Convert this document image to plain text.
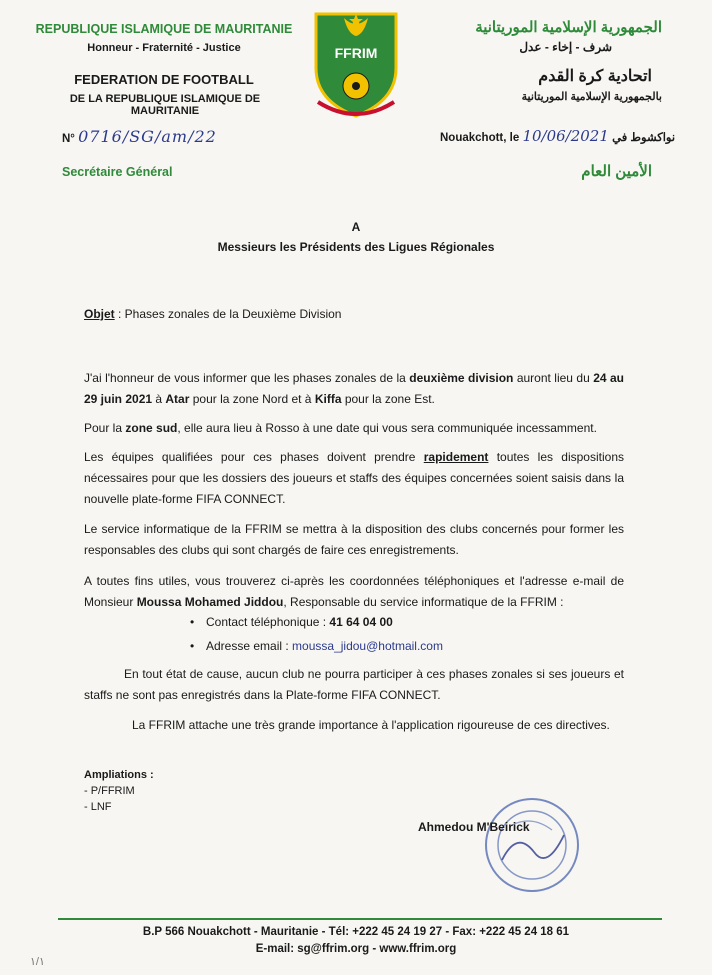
REPUBLIQUE ISLAMIQUE DE MAURITANIE
Honneur - Fraternité - Justice
FEDERATION DE FOOTBALL
DE LA REPUBLIQUE ISLAMIQUE DE MAURITANIE
N° 0716/SG/am/22
Secrétaire Général
FFRIM
الجمهورية الإسلامية الموريتانية
شرف - إخاء - عدل
اتحادية كرة القدم
بالجمهورية الإسلامية الموريتانية
Nouakchott, le 10/06/2021 نواكشوط في
الأمين العام
A
Messieurs les Présidents des Ligues Régionales
Objet : Phases zonales de la Deuxième Division
J'ai l'honneur de vous informer que les phases zonales de la deuxième division auront lieu du 24 au 29 juin 2021 à Atar pour la zone Nord et à Kiffa pour la zone Est.
Pour la zone sud, elle aura lieu à Rosso à une date qui vous sera communiquée incessamment.
Les équipes qualifiées pour ces phases doivent prendre rapidement toutes les dispositions nécessaires pour que les dossiers des joueurs et staffs des équipes concernées soient saisis dans la nouvelle plate-forme FIFA CONNECT.
Le service informatique de la FFRIM se mettra à la disposition des clubs concernés pour former les responsables des clubs qui sont chargés de faire ces enregistrements.
A toutes fins utiles, vous trouverez ci-après les coordonnées téléphoniques et l'adresse e-mail de Monsieur Moussa Mohamed Jiddou, Responsable du service informatique de la FFRIM :
• Contact téléphonique : 41 64 04 00
• Adresse email : moussa_jidou@hotmail.com
En tout état de cause, aucun club ne pourra participer à ces phases zonales si ses joueurs et staffs ne sont pas enregistrés dans la Plate-forme FIFA CONNECT.
La FFRIM attache une très grande importance à l'application rigoureuse de ces directives.
Ampliations :
- P/FFRIM
- LNF
Ahmedou M'Beirick
B.P 566 Nouakchott - Mauritanie - Tél: +222 45 24 19 27 - Fax: +222 45 24 18 61
E-mail: sg@ffrim.org - www.ffrim.org
١/١
